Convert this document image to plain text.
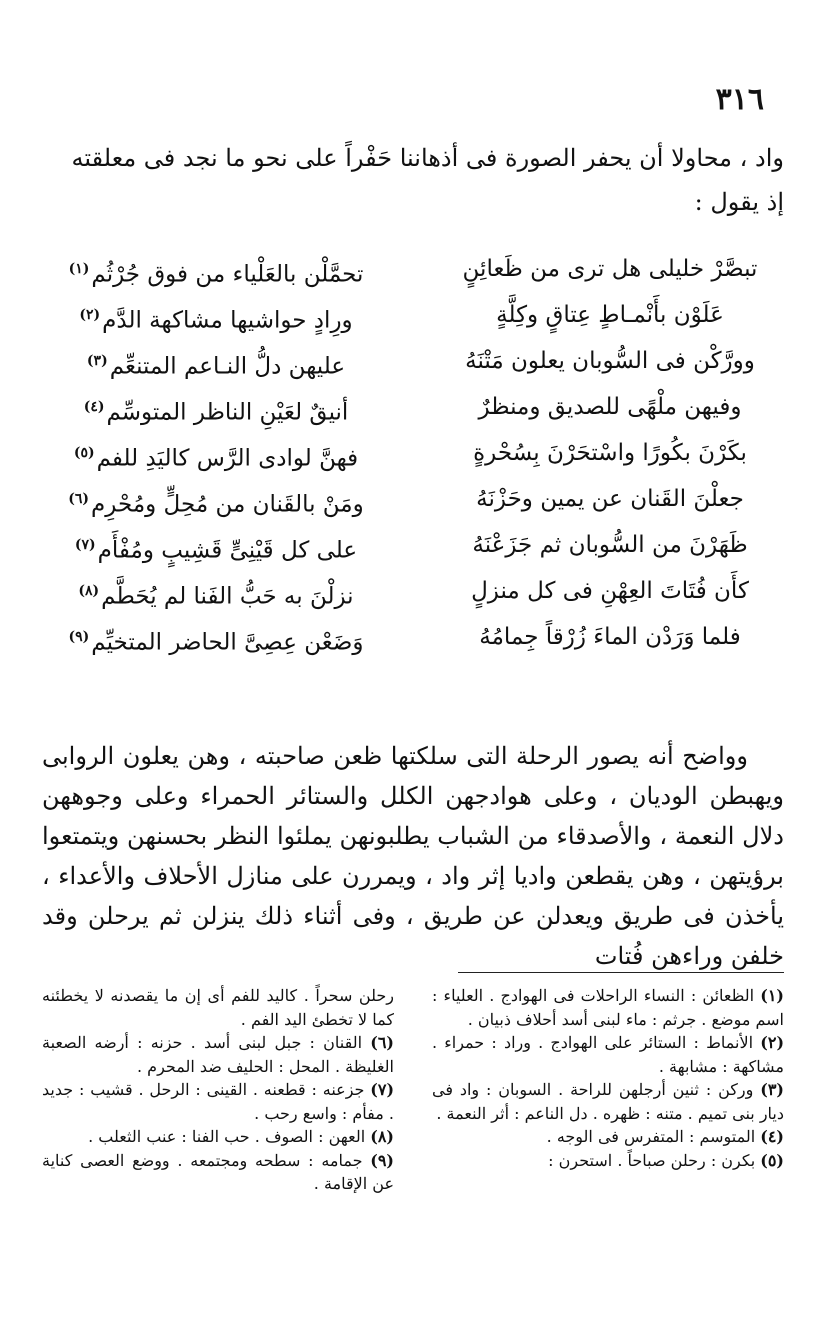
٣١٦

واد ، محاولا أن يحفر الصورة فى أذهاننا حَفْراً على نحو ما نجد فى معلقته

إذ يقول :

تبصَّرْ خليلى هل ترى من ظَعائِنٍ
تحمَّلْن بالعَلْياء من فوق جُرْثُم$^{(١)}$
عَلَوْن بأَنْمـاطٍ عِتاقٍ وكِلَّةٍ
ورِادٍ حواشيها مشاكهة الدَّم$^{(٢)}$
وورَّكْن فى السُّوبان يعلون مَتْنَهُ
عليهن دلُّ النـاعم المتنعِّم$^{(٣)}$
وفيهن ملْهًى للصديق ومنظرٌ
أنيقٌ لعَيْنِ الناظر المتوسِّم$^{(٤)}$
بكَرْنَ بكُورًا واسْتحَرْنَ بِسُحْرةٍ
فهنَّ لوادى الرَّس كاليَدِ للفم$^{(٥)}$
جعلْنَ القَنان عن يمين وحَزْنَهُ
ومَنْ بالقَنان من مُحِلٍّ ومُحْرِم$^{(٦)}$
ظَهَرْنَ من السُّوبان ثم جَزَعْنَهُ
على كل قَيْنِىٍّ قَشِيبٍ ومُفْأَم$^{(٧)}$
كأَن فُتَاتَ العِهْنِ فى كل منزلٍ
نزلْنَ به حَبُّ الفَنا لم يُحَطَّم$^{(٨)}$
فلما وَرَدْن الماءَ زُرْقاً جِمامُهُ
وَضَعْن عِصِىَّ الحاضر المتخيِّم$^{(٩)}$

وواضح أنه يصور الرحلة التى سلكتها ظعن صاحبته ، وهن يعلون الروابى ويهبطن الوديان ، وعلى هوادجهن الكلل والستائر الحمراء وعلى وجوههن دلال النعمة ، والأصدقاء من الشباب يطلبونهن يملئوا النظر بحسنهن ويتمتعوا برؤيتهن ، وهن يقطعن واديا إثر واد ، ويمررن على منازل الأحلاف والأعداء ، يأخذن فى طريق ويعدلن عن طريق ، وفى أثناء ذلك ينزلن ثم يرحلن وقد خلفن وراءهن فُتات

(١) الظعائن : النساء الراحلات فى الهوادج . العلياء : اسم موضع . جرثم : ماء لبنى أسد أحلاف ذبيان .

(٢) الأنماط : الستائر على الهوادج . وراد : حمراء . مشاكهة : مشابهة .

(٣) وركن : ثنين أرجلهن للراحة . السوبان : واد فى ديار بنى تميم . متنه : ظهره . دل الناعم : أثر النعمة .

(٤) المتوسم : المتفرس فى الوجه .

(٥) بكرن : رحلن صباحاً . استحرن :

رحلن سحراً . كاليد للفم أى إن ما يقصدنه لا يخطئنه كما لا تخطئ اليد الفم .

(٦) القنان : جبل لبنى أسد . حزنه : أرضه الصعبة الغليظة . المحل : الحليف ضد المحرم .

(٧) جزعنه : قطعنه . القينى : الرحل . قشيب : جديد . مفأم : واسع رحب .

(٨) العهن : الصوف . حب الفنا : عنب الثعلب .

(٩) جمامه : سطحه ومجتمعه . ووضع العصى كناية عن الإقامة .
